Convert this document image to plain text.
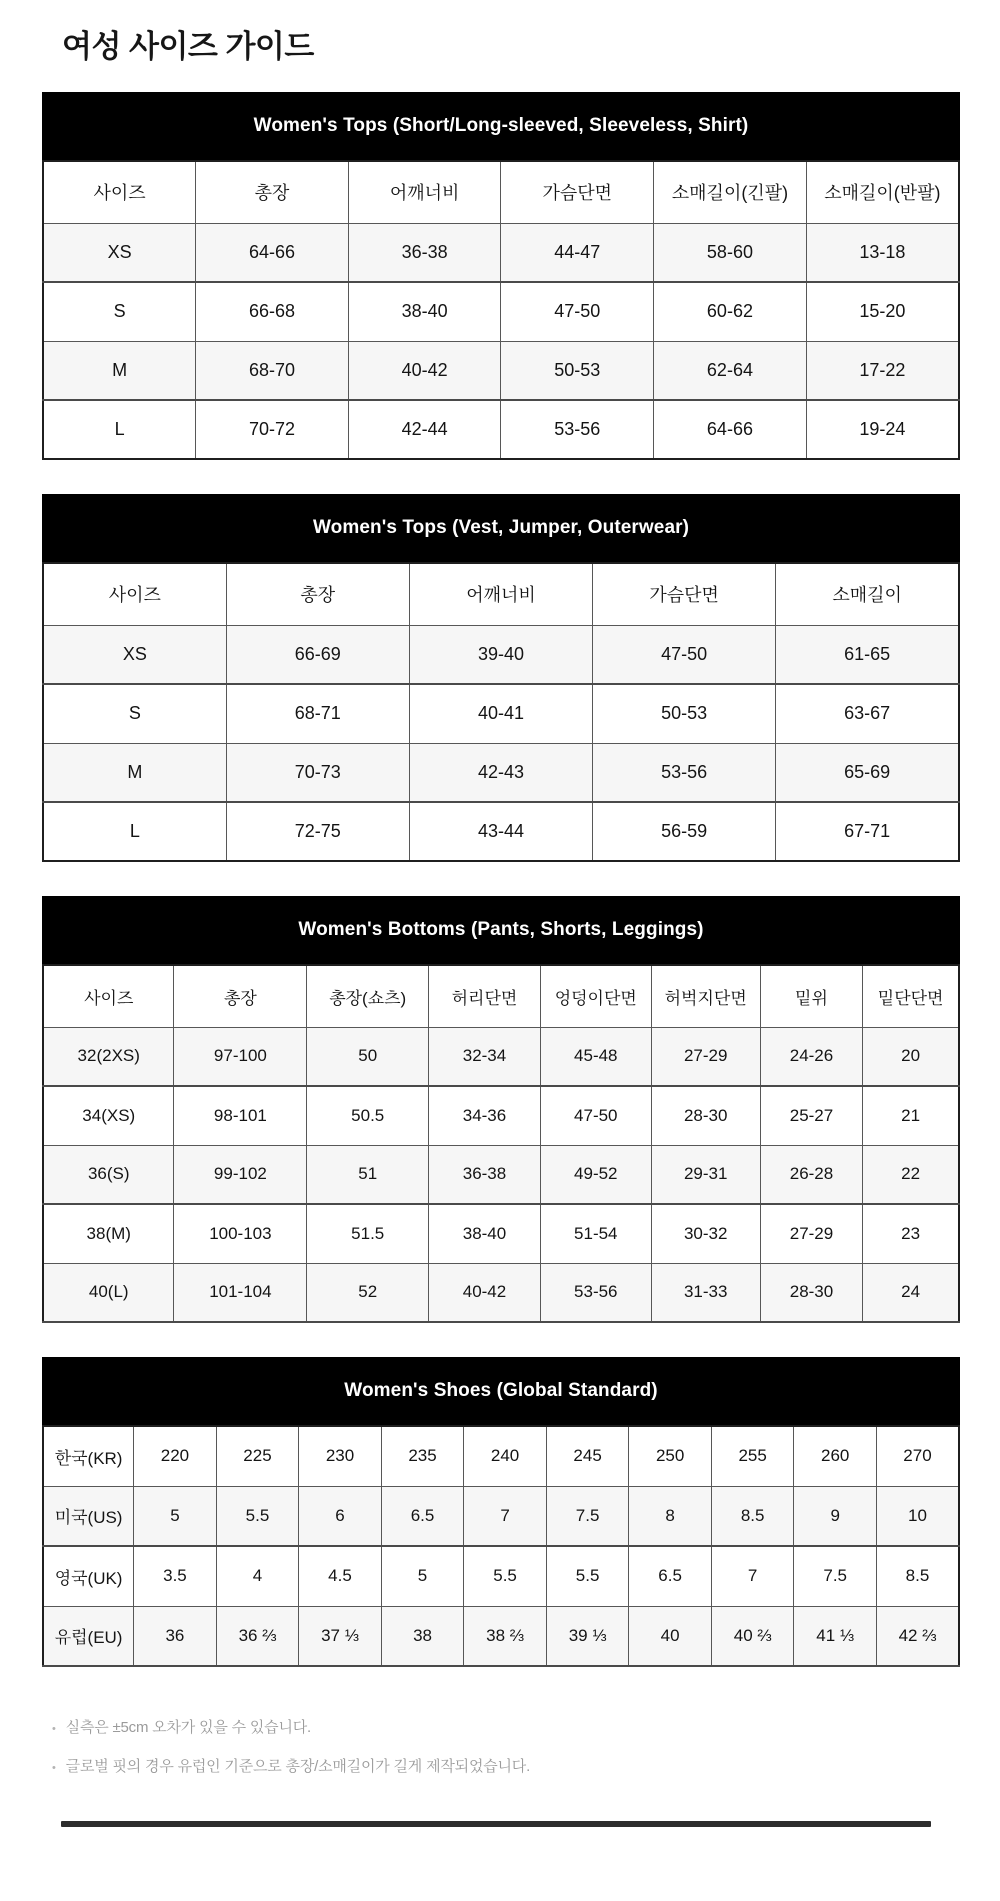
여성 사이즈 가이드
Women's Tops (Short/Long-sleeved, Sleeveless, Shirt)
사이즈	총장	어깨너비	가슴단면	소매길이(긴팔)	소매길이(반팔)
XS	64-66	36-38	44-47	58-60	13-18
S	66-68	38-40	47-50	60-62	15-20
M	68-70	40-42	50-53	62-64	17-22
L	70-72	42-44	53-56	64-66	19-24
Women's Tops (Vest, Jumper, Outerwear)
사이즈	총장	어깨너비	가슴단면	소매길이
XS	66-69	39-40	47-50	61-65
S	68-71	40-41	50-53	63-67
M	70-73	42-43	53-56	65-69
L	72-75	43-44	56-59	67-71
Women's Bottoms (Pants, Shorts, Leggings)
사이즈	총장	총장(쇼츠)	허리단면	엉덩이단면	허벅지단면	밑위	밑단단면
32(2XS)	97-100	50	32-34	45-48	27-29	24-26	20
34(XS)	98-101	50.5	34-36	47-50	28-30	25-27	21
36(S)	99-102	51	36-38	49-52	29-31	26-28	22
38(M)	100-103	51.5	38-40	51-54	30-32	27-29	23
40(L)	101-104	52	40-42	53-56	31-33	28-30	24
Women's Shoes (Global Standard)
한국(KR)	220	225	230	235	240	245	250	255	260	270
미국(US)	5	5.5	6	6.5	7	7.5	8	8.5	9	10
영국(UK)	3.5	4	4.5	5	5.5	5.5	6.5	7	7.5	8.5
유럽(EU)	36	36 ⅔	37 ⅓	38	38 ⅔	39 ⅓	40	40 ⅔	41 ⅓	42 ⅔
• 실측은 ±5cm 오차가 있을 수 있습니다.
• 글로벌 핏의 경우 유럽인 기준으로 총장/소매길이가 길게 제작되었습니다.
